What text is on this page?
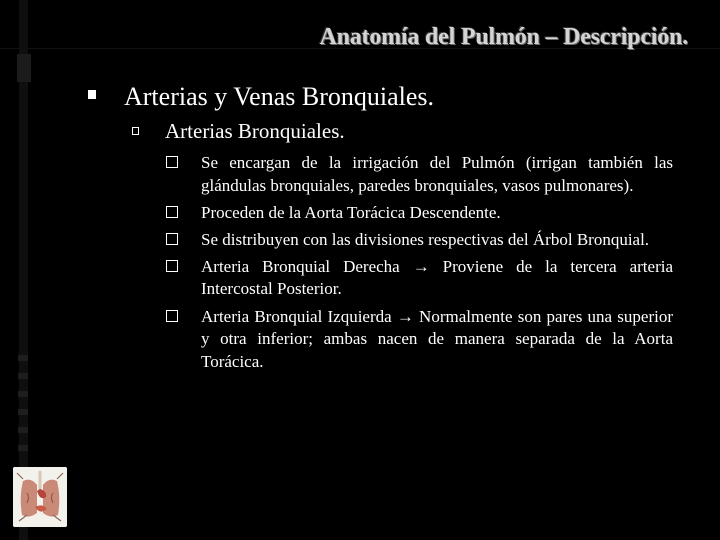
Anatomía del Pulmón – Descripción.
Arterias y Venas Bronquiales.
Arterias Bronquiales.
Se encargan de la irrigación del Pulmón (irrigan también las glándulas bronquiales, paredes bronquiales, vasos pulmonares).
Proceden de la Aorta Torácica Descendente.
Se distribuyen con las divisiones respectivas del Árbol Bronquial.
Arteria Bronquial Derecha → Proviene de la tercera arteria Intercostal Posterior.
Arteria Bronquial Izquierda → Normalmente son pares una superior y otra inferior; ambas nacen de manera separada de la Aorta Torácica.
